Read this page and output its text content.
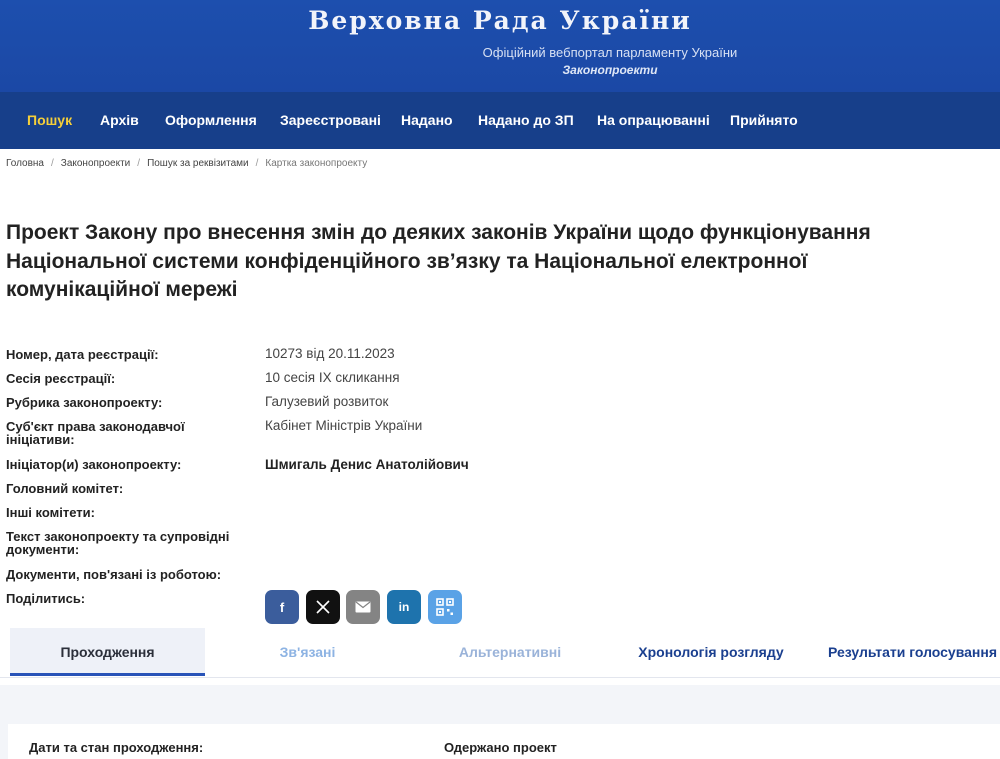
Верховна Рада України
Офіційний вебпортал парламенту України
Законопроекти
Пошук Архів Оформлення Зареєстровані Надано Надано до ЗП На опрацюванні Прийнято
Головна / Законопроекти / Пошук за реквізитами / Картка законопроекту
Проект Закону про внесення змін до деяких законів України щодо функціонування Національної системи конфіденційного зв’язку та Національної електронної комунікаційної мережі
Номер, дата реєстрації:	10273 від 20.11.2023
Сесія реєстрації:	10 сесія IX скликання
Рубрика законопроекту:	Галузевий розвиток
Суб'єкт права законодавчої ініціативи:
Кабінет Міністрів України
Ініціатор(и) законопроекту:	Шмигаль Денис Анатолійович
Головний комітет:
Інші комітети:
Текст законопроекту та супровідні документи:
Документи, пов'язані із роботою:
Поділитись:
f	in
Проходження	Зв'язані	Альтернативні	Хронологія розгляду	Результати голосування
Дати та стан проходження:	Одержано проект
